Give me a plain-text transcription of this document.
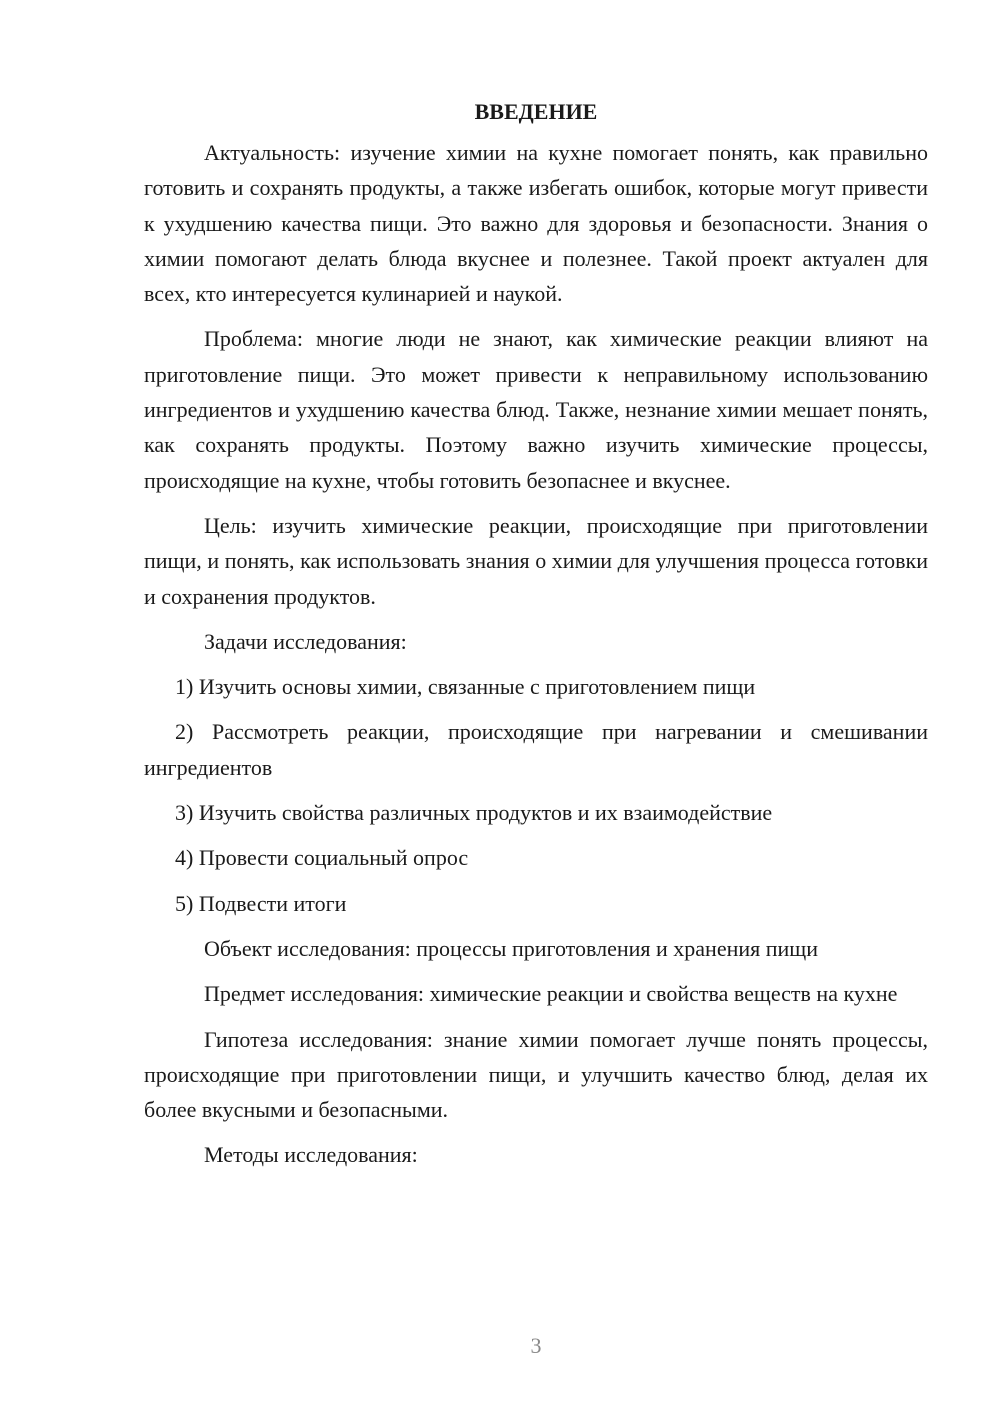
ВВЕДЕНИЕ

Актуальность: изучение химии на кухне помогает понять, как правильно готовить и сохранять продукты, а также избегать ошибок, которые могут привести к ухудшению качества пищи. Это важно для здоровья и безопасности. Знания о химии помогают делать блюда вкуснее и полезнее. Такой проект актуален для всех, кто интересуется кулинарией и наукой.

Проблема: многие люди не знают, как химические реакции влияют на приготовление пищи. Это может привести к неправильному использованию ингредиентов и ухудшению качества блюд. Также, незнание химии мешает понять, как сохранять продукты. Поэтому важно изучить химические процессы, происходящие на кухне, чтобы готовить безопаснее и вкуснее.

Цель: изучить химические реакции, происходящие при приготовлении пищи, и понять, как использовать знания о химии для улучшения процесса готовки и сохранения продуктов.

Задачи исследования:

1) Изучить основы химии, связанные с приготовлением пищи

2) Рассмотреть реакции, происходящие при нагревании и смешивании ингредиентов

3) Изучить свойства различных продуктов и их взаимодействие

4) Провести социальный опрос

5) Подвести итоги

Объект исследования: процессы приготовления и хранения пищи

Предмет исследования: химические реакции и свойства веществ на кухне

Гипотеза исследования: знание химии помогает лучше понять процессы, происходящие при приготовлении пищи, и улучшить качество блюд, делая их более вкусными и безопасными.

Методы исследования:

3
